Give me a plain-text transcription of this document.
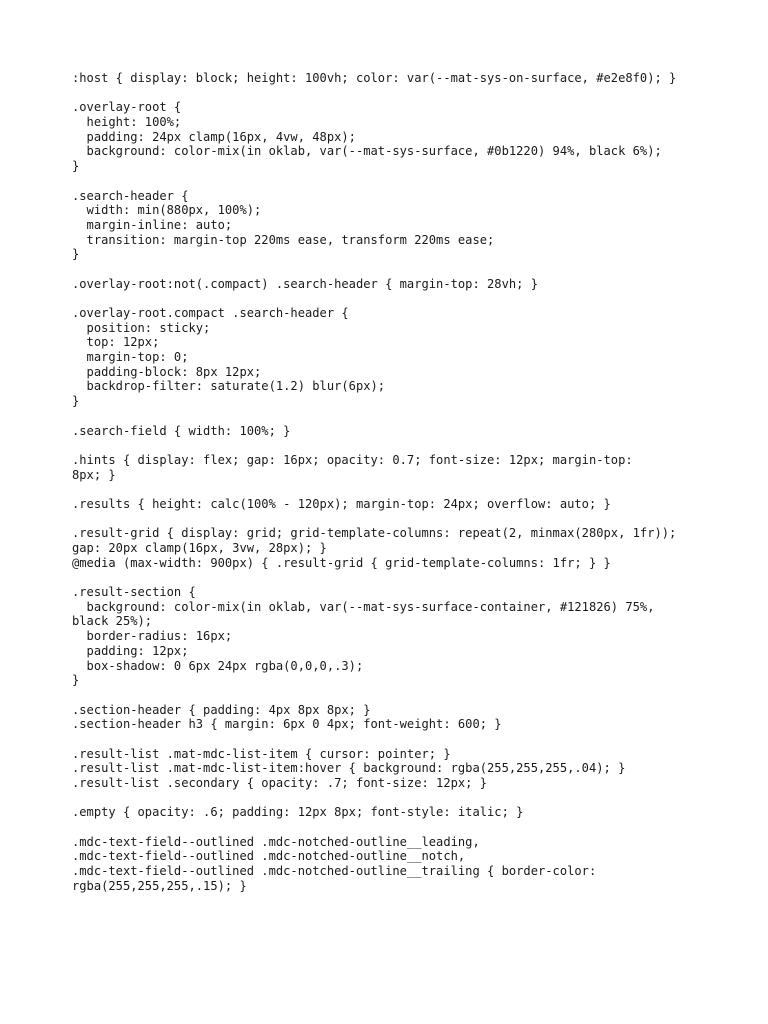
:host { display: block; height: 100vh; color: var(--mat-sys-on-surface, #e2e8f0); }
.overlay-root {
height: 100%;
padding: 24px clamp(16px, 4vw, 48px);
background: color-mix(in oklab, var(--mat-sys-surface, #0b1220) 94%, black 6%);
}
.search-header {
width: min(880px, 100%);
margin-inline: auto;
transition: margin-top 220ms ease, transform 220ms ease;
}
.overlay-root:not(.compact) .search-header { margin-top: 28vh; }
.overlay-root.compact .search-header {
position: sticky;
top: 12px;
margin-top: 0;
padding-block: 8px 12px;
backdrop-filter: saturate(1.2) blur(6px);
}
.search-field { width: 100%; }
.hints { display: flex; gap: 16px; opacity: 0.7; font-size: 12px; margin-top:
8px; }
.results { height: calc(100% - 120px); margin-top: 24px; overflow: auto; }
.result-grid { display: grid; grid-template-columns: repeat(2, minmax(280px, 1fr));
gap: 20px clamp(16px, 3vw, 28px); }
@media (max-width: 900px) { .result-grid { grid-template-columns: 1fr; } }
.result-section {
background: color-mix(in oklab, var(--mat-sys-surface-container, #121826) 75%,
black 25%);
border-radius: 16px;
padding: 12px;
box-shadow: 0 6px 24px rgba(0,0,0,.3);
}
.section-header { padding: 4px 8px 8px; }
.section-header h3 { margin: 6px 0 4px; font-weight: 600; }
.result-list .mat-mdc-list-item { cursor: pointer; }
.result-list .mat-mdc-list-item:hover { background: rgba(255,255,255,.04); }
.result-list .secondary { opacity: .7; font-size: 12px; }
.empty { opacity: .6; padding: 12px 8px; font-style: italic; }
.mdc-text-field--outlined .mdc-notched-outline__leading,
.mdc-text-field--outlined .mdc-notched-outline__notch,
.mdc-text-field--outlined .mdc-notched-outline__trailing { border-color:
rgba(255,255,255,.15); }
